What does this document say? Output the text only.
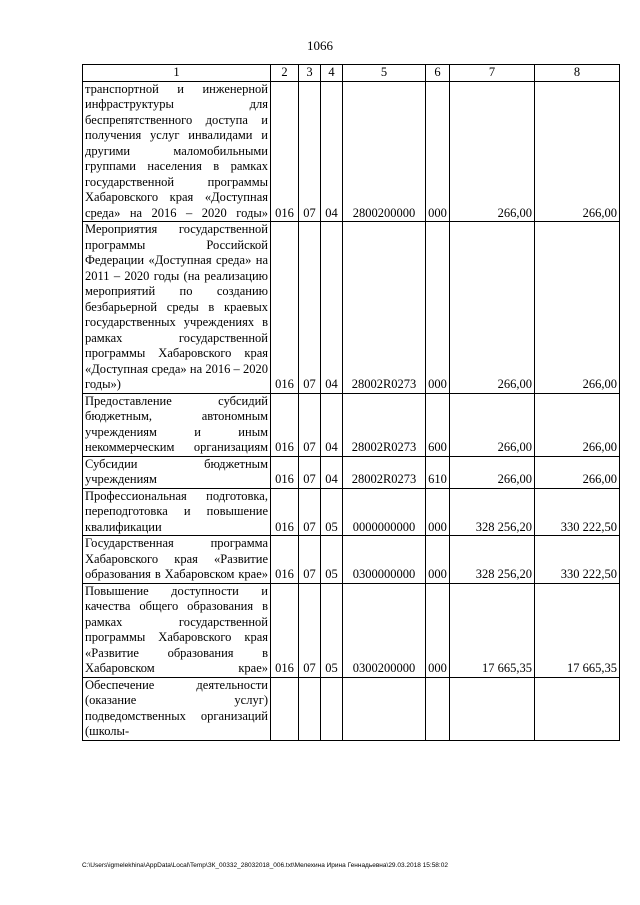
1066
1	2	3	4	5	6	7	8
транспортной и инженерной инфраструктуры для беспрепятственного доступа и получения услуг инвалидами и другими маломобильными группами населения в рамках государственной программы Хабаровского края «Доступная среда» на 2016 – 2020 годы»	016	07	04	2800200000	000	266,00	266,00
Мероприятия государственной программы Российской Федерации «Доступная среда» на 2011 – 2020 годы (на реализацию мероприятий по созданию безбарьерной среды в краевых государственных учреждениях в рамках государственной программы Хабаровского края «Доступная среда» на 2016 – 2020 годы»)	016	07	04	28002R0273	000	266,00	266,00
Предоставление субсидий бюджетным, автономным учреждениям и иным некоммерческим организациям	016	07	04	28002R0273	600	266,00	266,00
Субсидии бюджетным учреждениям	016	07	04	28002R0273	610	266,00	266,00
Профессиональная подготовка, переподготовка и повышение квалификации	016	07	05	0000000000	000	328 256,20	330 222,50
Государственная программа Хабаровского края «Развитие образования в Хабаровском крае»	016	07	05	0300000000	000	328 256,20	330 222,50
Повышение доступности и качества общего образования в рамках государственной программы Хабаровского края «Развитие образования в Хабаровском крае»	016	07	05	0300200000	000	17 665,35	17 665,35
Обеспечение деятельности (оказание услуг) подведомственных организаций (школы-							
C:\Users\igmelekhina\AppData\Local\Temp\ЗК_00332_28032018_006.txt\Мелехина Ирина Геннадьевна\29.03.2018 15:58:02
